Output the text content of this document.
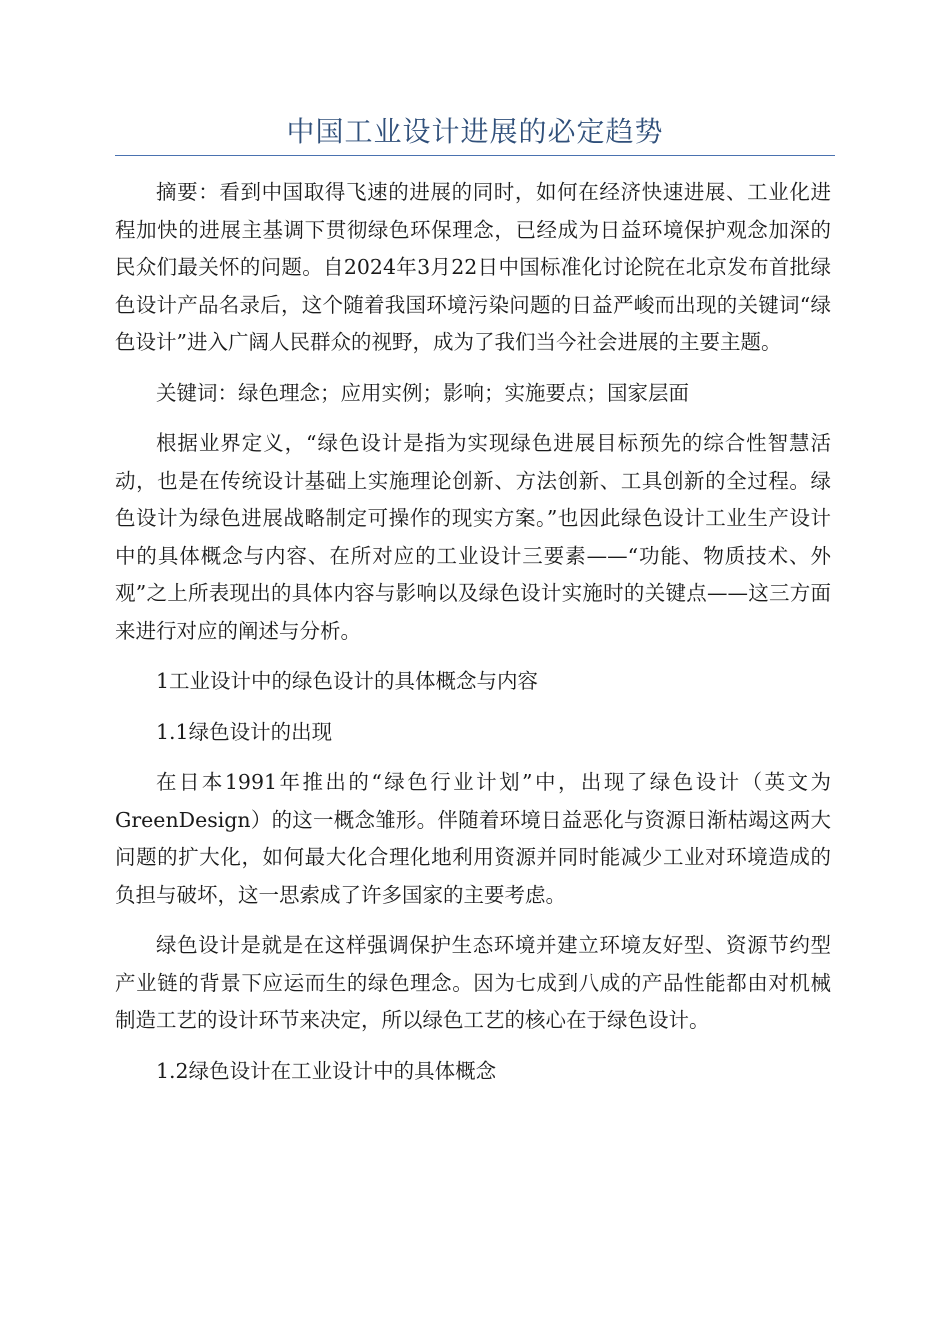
中国工业设计进展的必定趋势

摘要：看到中国取得飞速的进展的同时，如何在经济快速进展、工业化进程加快的进展主基调下贯彻绿色环保理念，已经成为日益环境保护观念加深的民众们最关怀的问题。自2024年3月22日中国标准化讨论院在北京发布首批绿色设计产品名录后，这个随着我国环境污染问题的日益严峻而出现的关键词“绿色设计”进入广阔人民群众的视野，成为了我们当今社会进展的主要主题。

关键词：绿色理念；应用实例；影响；实施要点；国家层面

根据业界定义，“绿色设计是指为实现绿色进展目标预先的综合性智慧活动，也是在传统设计基础上实施理论创新、方法创新、工具创新的全过程。绿色设计为绿色进展战略制定可操作的现实方案。”也因此绿色设计工业生产设计中的具体概念与内容、在所对应的工业设计三要素——“功能、物质技术、外观”之上所表现出的具体内容与影响以及绿色设计实施时的关键点——这三方面来进行对应的阐述与分析。

1工业设计中的绿色设计的具体概念与内容

1.1绿色设计的出现

在日本1991年推出的“绿色行业计划”中，出现了绿色设计（英文为GreenDesign）的这一概念雏形。伴随着环境日益恶化与资源日渐枯竭这两大问题的扩大化，如何最大化合理化地利用资源并同时能减少工业对环境造成的负担与破坏，这一思索成了许多国家的主要考虑。

绿色设计是就是在这样强调保护生态环境并建立环境友好型、资源节约型产业链的背景下应运而生的绿色理念。因为七成到八成的产品性能都由对机械制造工艺的设计环节来决定，所以绿色工艺的核心在于绿色设计。

1.2绿色设计在工业设计中的具体概念
